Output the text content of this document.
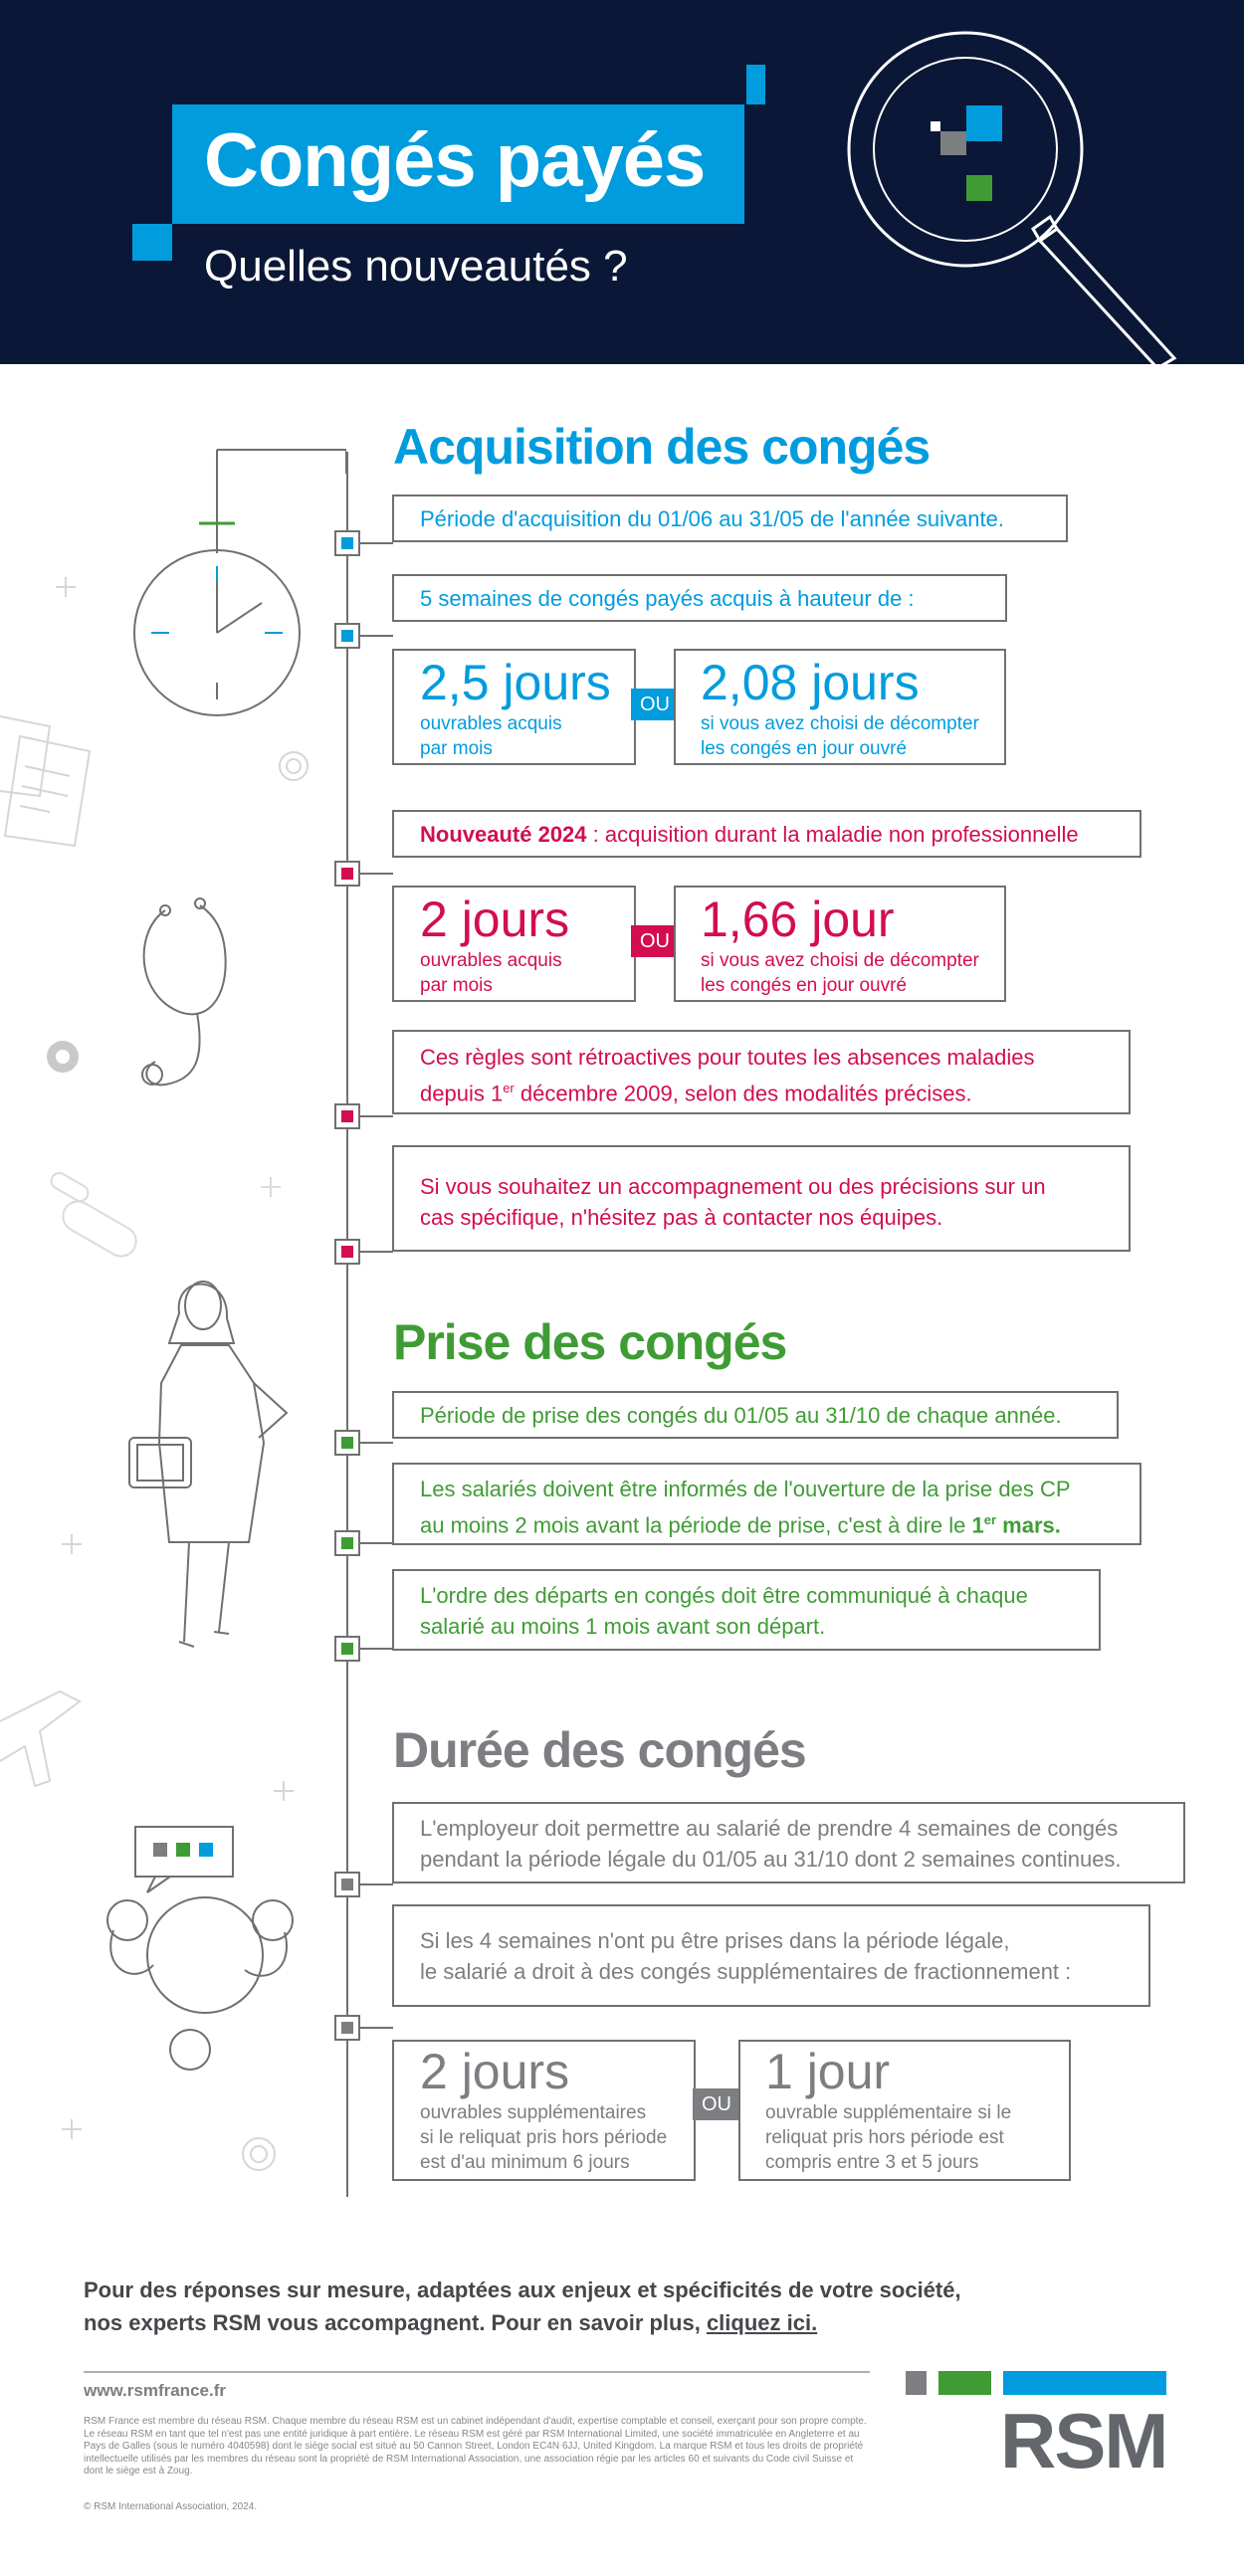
Congés payés
Quelles nouveautés ?
Acquisition des congés
Période d'acquisition du 01/06 au 31/05 de l'année suivante.
5 semaines de congés payés acquis à hauteur de :
2,5 jours
ouvrables acquis
par mois
OU 2,08 jours
si vous avez choisi de décompter
les congés en jour ouvré
Nouveauté 2024 : acquisition durant la maladie non professionnelle
2 jours
ouvrables acquis
par mois
OU 1,66 jour
si vous avez choisi de décompter
les congés en jour ouvré
Ces règles sont rétroactives pour toutes les absences maladies
depuis 1er décembre 2009, selon des modalités précises.
Si vous souhaitez un accompagnement ou des précisions sur un
cas spécifique, n'hésitez pas à contacter nos équipes.
Prise des congés
Période de prise des congés du 01/05 au 31/10 de chaque année.
Les salariés doivent être informés de l'ouverture de la prise des CP
au moins 2 mois avant la période de prise, c'est à dire le 1er mars.
L'ordre des départs en congés doit être communiqué à chaque
salarié au moins 1 mois avant son départ.
Durée des congés
L'employeur doit permettre au salarié de prendre 4 semaines de congés
pendant la période légale du 01/05 au 31/10 dont 2 semaines continues.
Si les 4 semaines n'ont pu être prises dans la période légale,
le salarié a droit à des congés supplémentaires de fractionnement :
2 jours
ouvrables supplémentaires
si le reliquat pris hors période
est d'au minimum 6 jours
OU
1 jour
ouvrable supplémentaire si le
reliquat pris hors période est
compris entre 3 et 5 jours
Pour des réponses sur mesure, adaptées aux enjeux et spécificités de votre société,
nos experts RSM vous accompagnent. Pour en savoir plus, cliquez ici.
www.rsmfrance.fr
RSM France est membre du réseau RSM. Chaque membre du réseau RSM est un cabinet indépendant d'audit, expertise comptable et conseil, exerçant pour son propre compte. Le réseau RSM en tant que tel n'est pas une entité juridique à part entière. Le réseau RSM est géré par RSM International Limited, une société immatriculée en Angleterre et au Pays de Galles (sous le numéro 4040598) dont le siège social est situé au 50 Cannon Street, London EC4N 6JJ, United Kingdom. La marque RSM et tous les droits de propriété intellectuelle utilisés par les membres du réseau sont la propriété de RSM International Association, une association régie par les articles 60 et suivants du Code civil Suisse et dont le siège est à Zoug.
© RSM International Association, 2024.
RSM
